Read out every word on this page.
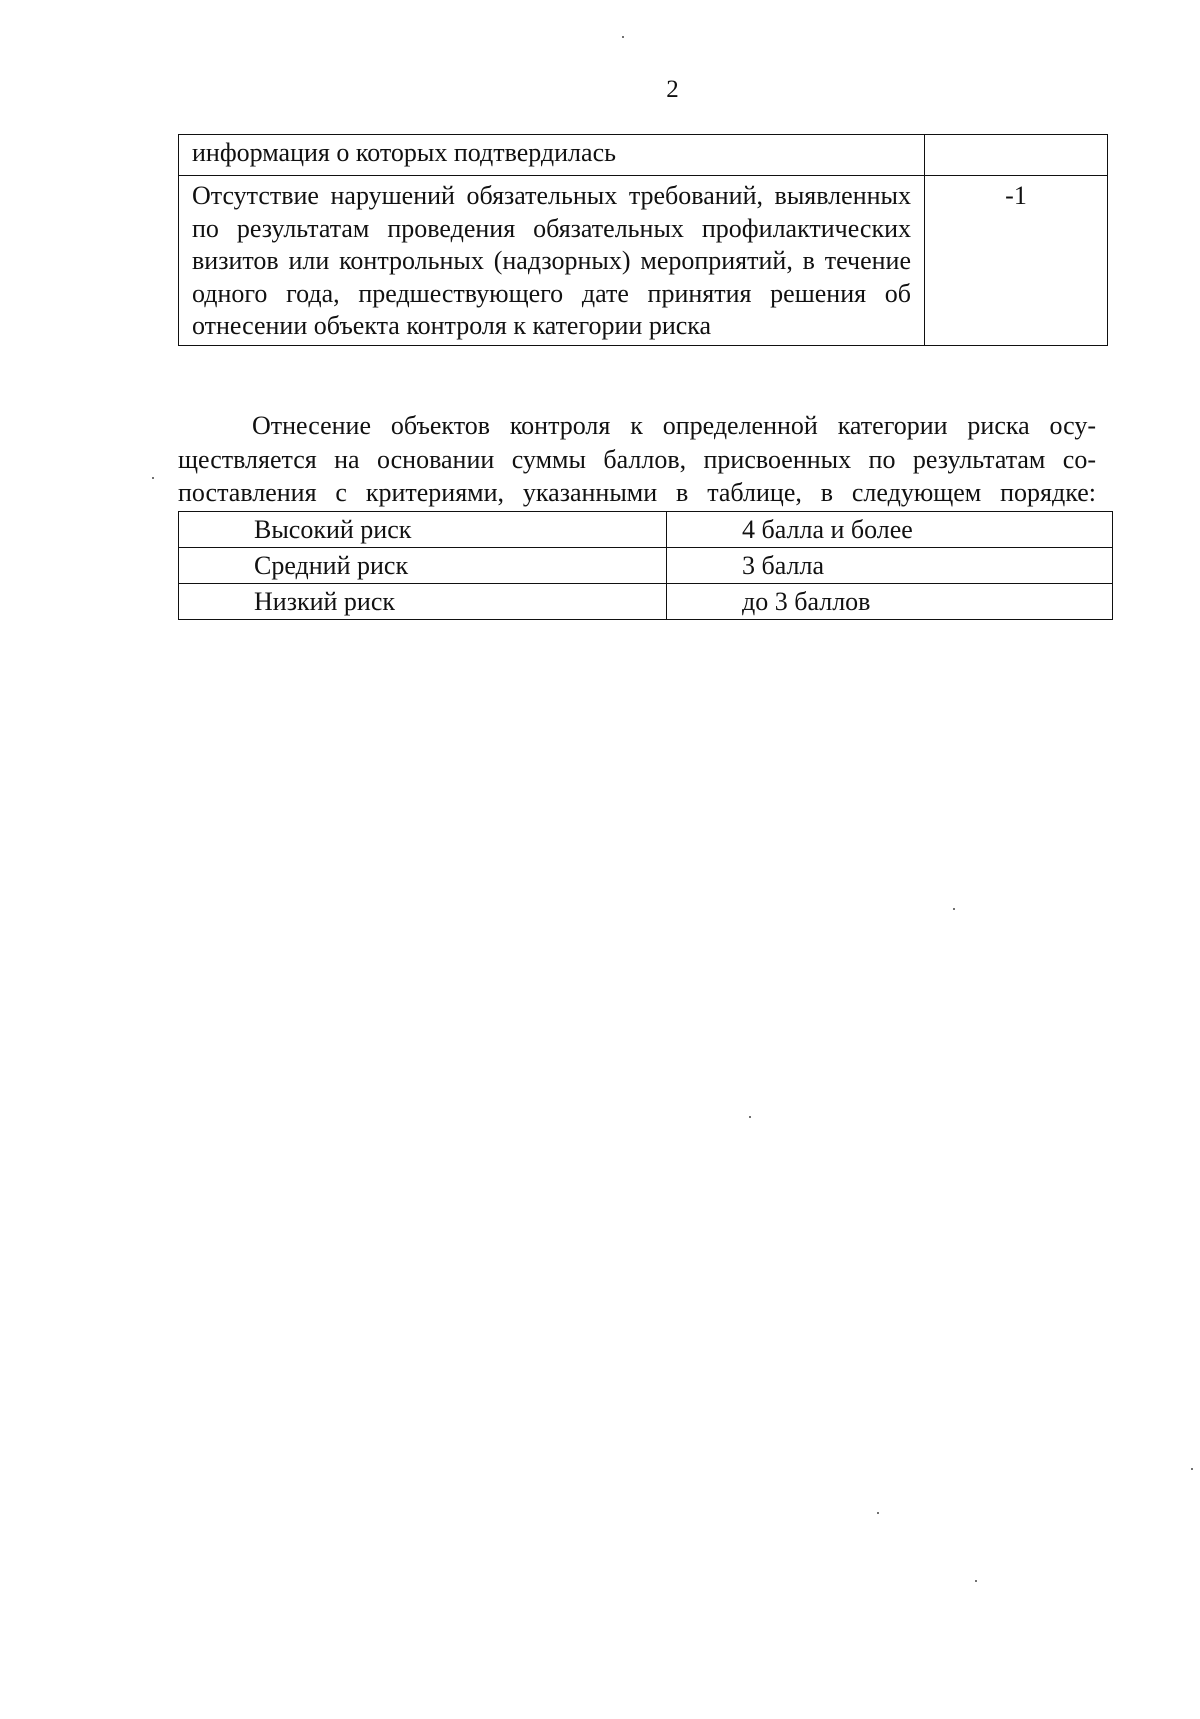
2
информация о которых подтвердилась	
Отсутствие нарушений обязательных требований, выявленных по результатам проведения обязательных профилактических визитов или контрольных (надзорных) мероприятий, в течение одного года, предшествующего дате принятия решения об отнесении объекта контроля к категории риска	-1
Отнесение объектов контроля к определенной категории риска осу-
ществляется на основании суммы баллов, присвоенных по результатам со-
поставления с критериями, указанными в таблице, в следующем порядке:
Высокий риск	4 балла и более
Средний риск	3 балла
Низкий риск	до 3 баллов
